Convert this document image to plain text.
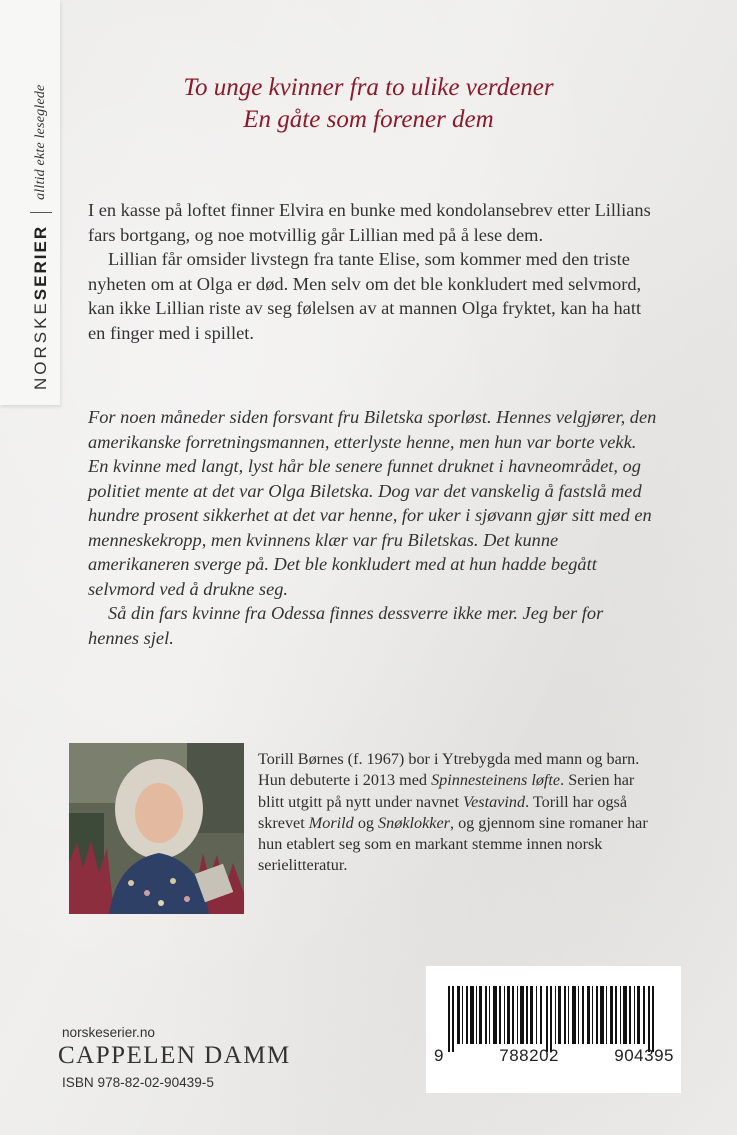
NORSKE
SERIER
alltid ekte leseglede	To unge kvinner fra to ulike verdener
En gåte som forener dem

I en kasse på loftet finner Elvira en bunke med kondolansebrev etter Lillians fars bortgang, og noe motvillig går Lillian med på å lese dem.

Lillian får omsider livstegn fra tante Elise, som kommer med den triste nyheten om at Olga er død. Men selv om det ble konkludert med selvmord, kan ikke Lillian riste av seg følelsen av at mannen Olga fryktet, kan ha hatt en finger med i spillet.

For noen måneder siden forsvant fru Biletska sporløst. Hennes velgjører, den amerikanske forretningsmannen, etterlyste henne, men hun var borte vekk. En kvinne med langt, lyst hår ble senere funnet druknet i havneområdet, og politiet mente at det var Olga Biletska. Dog var det vanskelig å fastslå med hundre prosent sikkerhet at det var henne, for uker i sjøvann gjør sitt med en menneskekropp, men kvinnens klær var fru Biletskas. Det kunne amerikaneren sverge på. Det ble konkludert med at hun hadde begått selvmord ved å drukne seg.

Så din fars kvinne fra Odessa finnes dessverre ikke mer. Jeg ber for hennes sjel.

Torill Børnes (f. 1967) bor i Ytrebygda med mann og barn. Hun debuterte i 2013 med Spinnesteinens løfte. Serien har blitt utgitt på nytt under navnet Vestavind. Torill har også skrevet Morild og Snøklokker, og gjennom sine romaner har hun etablert seg som en markant stemme innen norsk serielitteratur.
9	788202	904395
norskeserier.no
CAPPELEN DAMM
ISBN 978-82-02-90439-5
